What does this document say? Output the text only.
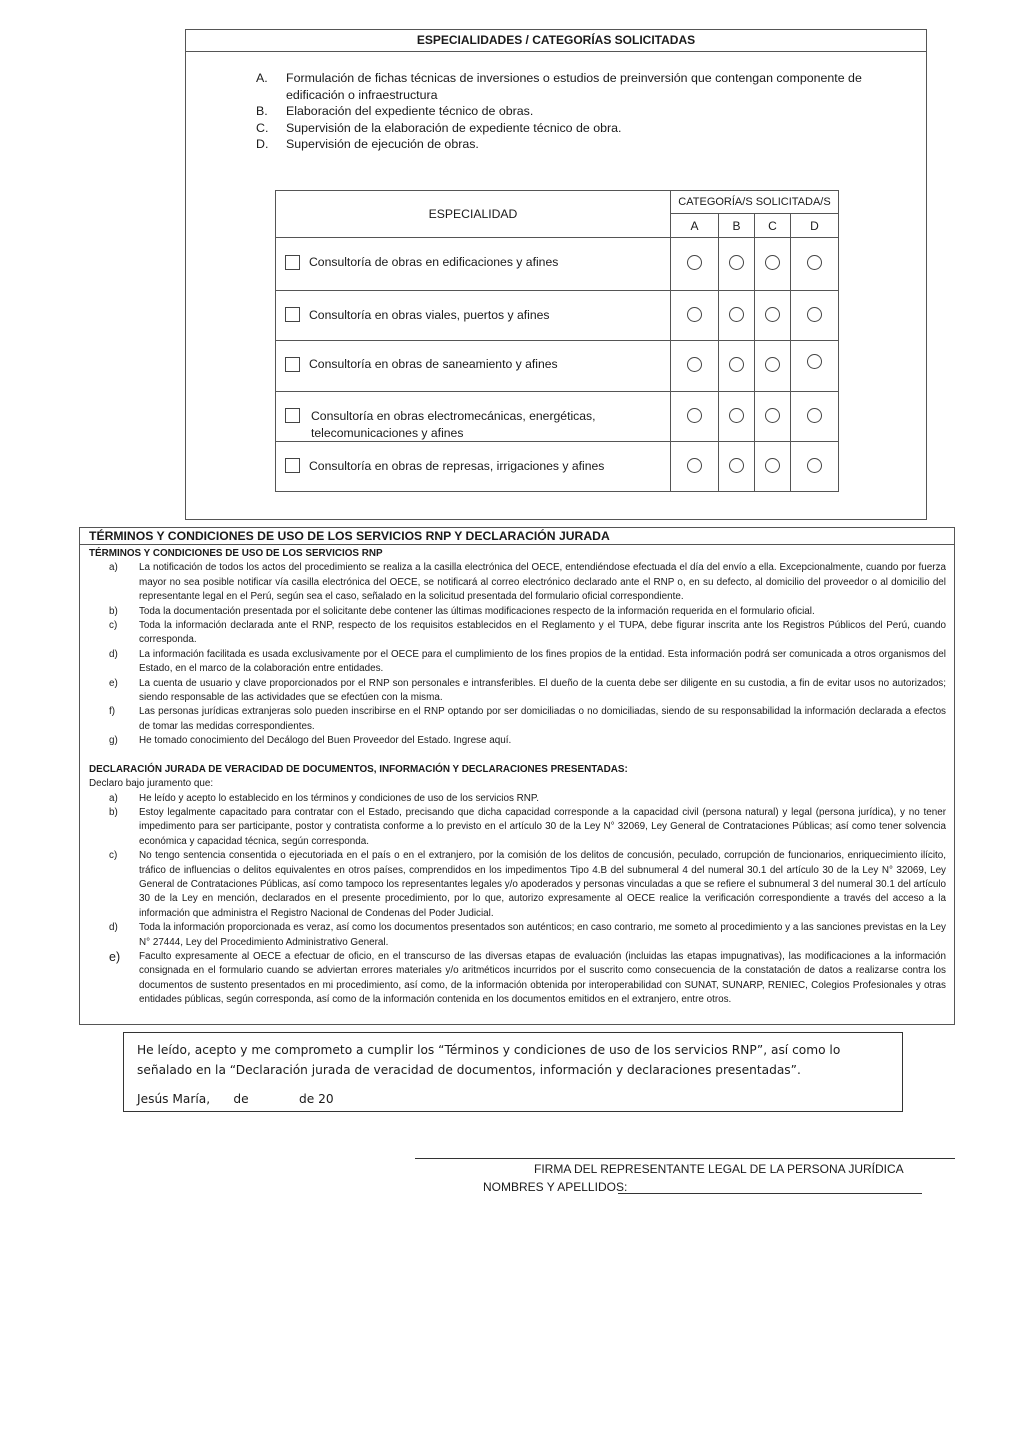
ESPECIALIDADES / CATEGORÍAS SOLICITADAS
A. Formulación de fichas técnicas de inversiones o estudios de preinversión que contengan componente de edificación o infraestructura
B. Elaboración del expediente técnico de obras.
C. Supervisión de la elaboración de expediente técnico de obra.
D. Supervisión de ejecución de obras.
ESPECIALIDAD	CATEGORÍA/S SOLICITADA/S			
	A	B	C	D

Consultoría de obras en edificaciones y afines				

Consultoría en obras viales, puertos y afines				

Consultoría en obras de saneamiento y afines				

Consultoría en obras electromecánicas, energéticas,
telecomunicaciones y afines				

Consultoría en obras de represas, irrigaciones y afines				

TÉRMINOS Y CONDICIONES DE USO DE LOS SERVICIOS RNP Y DECLARACIÓN JURADA
TÉRMINOS Y CONDICIONES DE USO DE LOS SERVICIOS RNP
a) La notificación de todos los actos del procedimiento se realiza a la casilla electrónica del OECE, entendiéndose efectuada el día del envío a ella. Excepcionalmente, cuando por fuerza mayor no sea posible notificar vía casilla electrónica del OECE, se notificará al correo electrónico declarado ante el RNP o, en su defecto, al domicilio del proveedor o al domicilio del representante legal en el Perú, según sea el caso, señalado en la solicitud presentada del formulario oficial correspondiente.
b) Toda la documentación presentada por el solicitante debe contener las últimas modificaciones respecto de la información requerida en el formulario oficial.
c) Toda la información declarada ante el RNP, respecto de los requisitos establecidos en el Reglamento y el TUPA, debe figurar inscrita ante los Registros Públicos del Perú, cuando corresponda.
d) La información facilitada es usada exclusivamente por el OECE para el cumplimiento de los fines propios de la entidad. Esta información podrá ser comunicada a otros organismos del Estado, en el marco de la colaboración entre entidades.
e) La cuenta de usuario y clave proporcionados por el RNP son personales e intransferibles. El dueño de la cuenta debe ser diligente en su custodia, a fin de evitar usos no autorizados; siendo responsable de las actividades que se efectúen con la misma.
f) Las personas jurídicas extranjeras solo pueden inscribirse en el RNP optando por ser domiciliadas o no domiciliadas, siendo de su responsabilidad la información declarada a efectos de tomar las medidas correspondientes.
g) He tomado conocimiento del Decálogo del Buen Proveedor del Estado. Ingrese aquí.
DECLARACIÓN JURADA DE VERACIDAD DE DOCUMENTOS, INFORMACIÓN Y DECLARACIONES PRESENTADAS:
Declaro bajo juramento que:
a) He leído y acepto lo establecido en los términos y condiciones de uso de los servicios RNP.
b) Estoy legalmente capacitado para contratar con el Estado, precisando que dicha capacidad corresponde a la capacidad civil (persona natural) y legal (persona jurídica), y no tener impedimento para ser participante, postor y contratista conforme a lo previsto en el artículo 30 de la Ley N° 32069, Ley General de Contrataciones Públicas; así como tener solvencia económica y capacidad técnica, según corresponda.
c) No tengo sentencia consentida o ejecutoriada en el país o en el extranjero, por la comisión de los delitos de concusión, peculado, corrupción de funcionarios, enriquecimiento ilícito, tráfico de influencias o delitos equivalentes en otros países, comprendidos en los impedimentos Tipo 4.B del subnumeral 4 del numeral 30.1 del artículo 30 de la Ley N° 32069, Ley General de Contrataciones Públicas, así como tampoco los representantes legales y/o apoderados y personas vinculadas a que se refiere el subnumeral 3 del numeral 30.1 del artículo 30 de la Ley en mención, declarados en el presente procedimiento, por lo que, autorizo expresamente al OECE realice la verificación correspondiente a través del acceso a la información que administra el Registro Nacional de Condenas del Poder Judicial.
d) Toda la información proporcionada es veraz, así como los documentos presentados son auténticos; en caso contrario, me someto al procedimiento y a las sanciones previstas en la Ley N° 27444, Ley del Procedimiento Administrativo General.
e) Faculto expresamente al OECE a efectuar de oficio, en el transcurso de las diversas etapas de evaluación (incluidas las etapas impugnativas), las modificaciones a la información consignada en el formulario cuando se adviertan errores materiales y/o aritméticos incurridos por el suscrito como consecuencia de la constatación de datos a realizarse contra los documentos de sustento presentados en mi procedimiento, así como, de la información obtenida por interoperabilidad con SUNAT, SUNARP, RENIEC, Colegios Profesionales y otras entidades públicas, según corresponda, así como de la información contenida en los documentos emitidos en el extranjero, entre otros.
He leído, acepto y me comprometo a cumplir los “Términos y condiciones de uso de los servicios RNP”, así como lo señalado en la “Declaración jurada de veracidad de documentos, información y declaraciones presentadas”.
Jesús María, de	de 20
FIRMA DEL REPRESENTANTE LEGAL DE LA PERSONA JURÍDICA
NOMBRES Y APELLIDOS:
